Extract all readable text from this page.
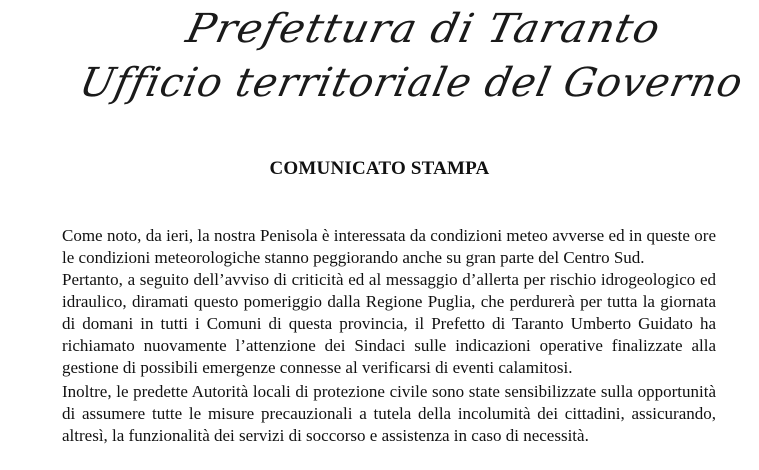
Prefettura di Taranto
Ufficio territoriale del Governo
COMUNICATO STAMPA

Come noto, da ieri, la nostra Penisola è interessata da condizioni meteo avverse ed in queste ore le condizioni meteorologiche stanno peggiorando anche su gran parte del Centro Sud.

Pertanto, a seguito dell’avviso di criticità ed al messaggio d’allerta per rischio idrogeologico ed idraulico, diramati questo pomeriggio dalla Regione Puglia, che perdurerà per tutta la giornata di domani in tutti i Comuni di questa provincia, il Prefetto di Taranto Umberto Guidato ha richiamato nuovamente l’attenzione dei Sindaci sulle indicazioni operative finalizzate alla gestione di possibili emergenze connesse al verificarsi di eventi calamitosi.

Inoltre, le predette Autorità locali di protezione civile sono state sensibilizzate sulla opportunità di assumere tutte le misure precauzionali a tutela della incolumità dei cittadini, assicurando, altresì, la funzionalità dei servizi di soccorso e assistenza in caso di necessità.
